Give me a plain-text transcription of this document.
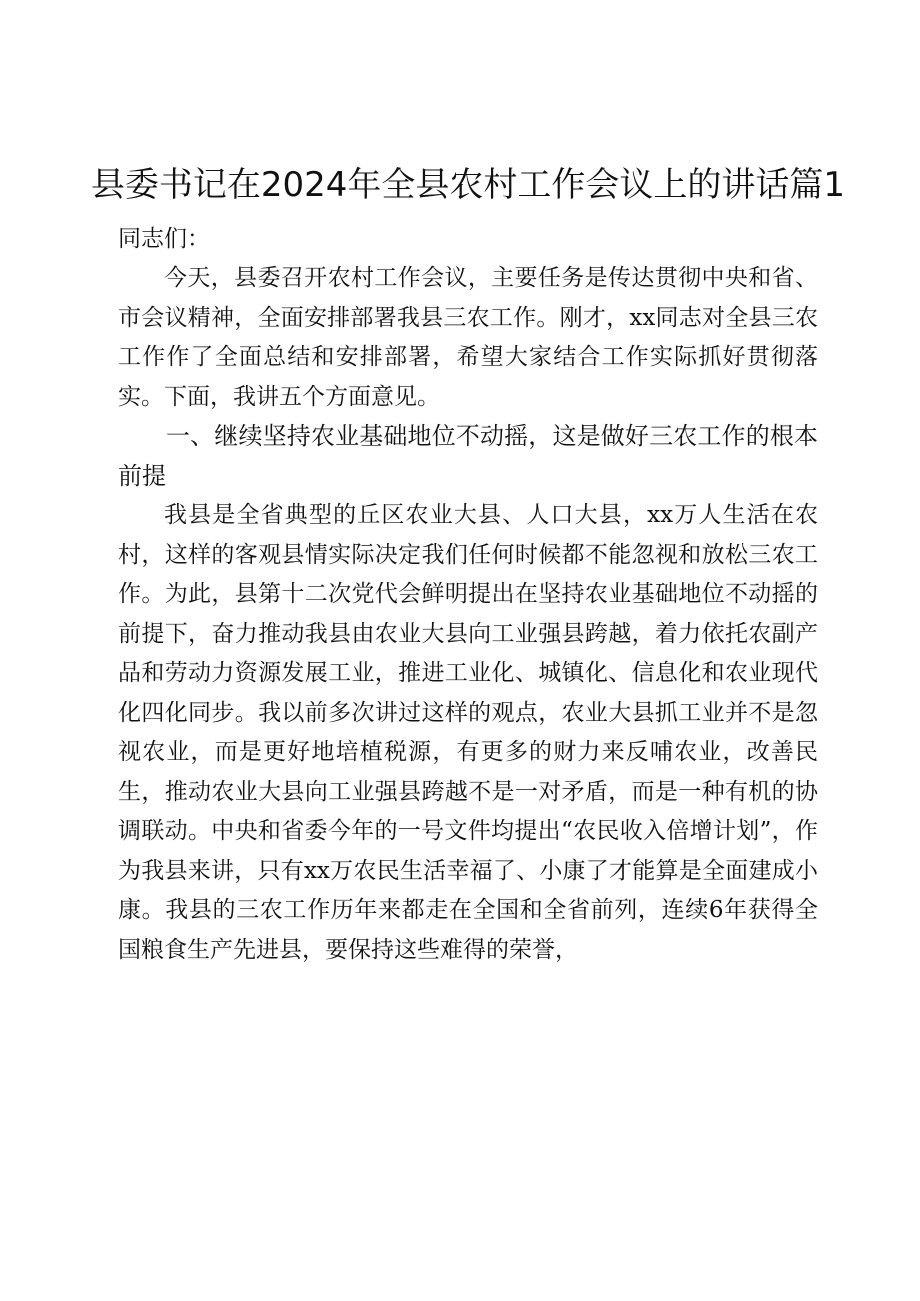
县委书记在2024年全县农村工作会议上的讲话篇1

同志们：

今天，县委召开农村工作会议，主要任务是传达贯彻中央和省、市会议精神，全面安排部署我县三农工作。刚才，xx同志对全县三农工作作了全面总结和安排部署，希望大家结合工作实际抓好贯彻落实。下面，我讲五个方面意见。

一、继续坚持农业基础地位不动摇，这是做好三农工作的根本前提

我县是全省典型的丘区农业大县、人口大县，xx万人生活在农村，这样的客观县情实际决定我们任何时候都不能忽视和放松三农工作。为此，县第十二次党代会鲜明提出在坚持农业基础地位不动摇的前提下，奋力推动我县由农业大县向工业强县跨越，着力依托农副产品和劳动力资源发展工业，推进工业化、城镇化、信息化和农业现代化四化同步。我以前多次讲过这样的观点，农业大县抓工业并不是忽视农业，而是更好地培植税源，有更多的财力来反哺农业，改善民生，推动农业大县向工业强县跨越不是一对矛盾，而是一种有机的协调联动。中央和省委今年的一号文件均提出“农民收入倍增计划”，作为我县来讲，只有xx万农民生活幸福了、小康了才能算是全面建成小康。我县的三农工作历年来都走在全国和全省前列，连续6年获得全国粮食生产先进县，要保持这些难得的荣誉，
